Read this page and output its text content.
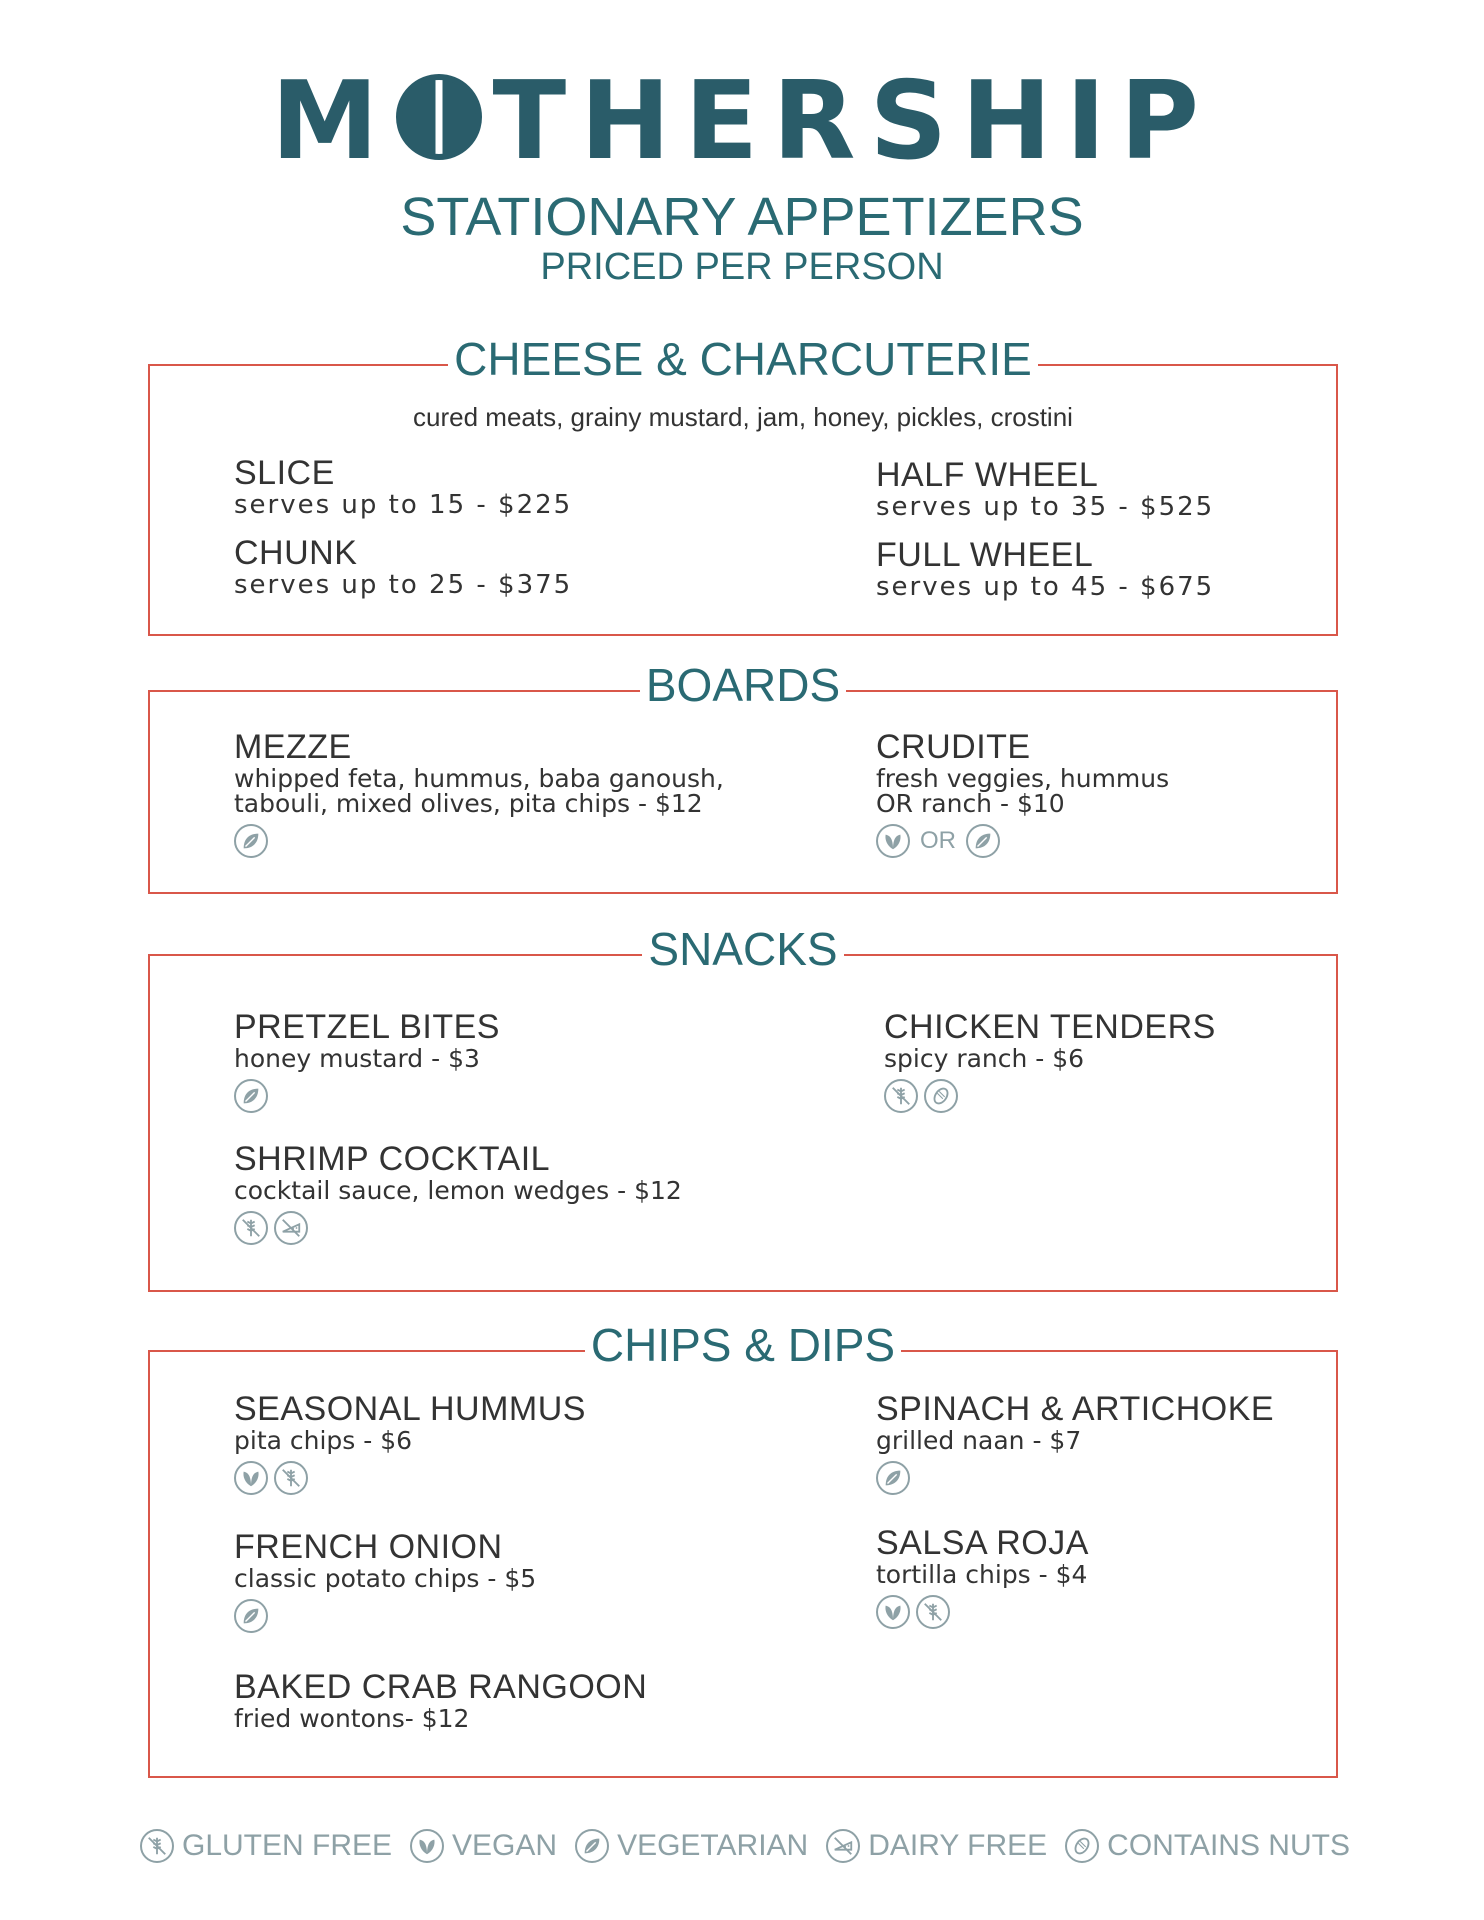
M THERSHIP
STATIONARY APPETIZERS
PRICED PER PERSON
CHEESE & CHARCUTERIE
cured meats, grainy mustard, jam, honey, pickles, crostini
SLICE
serves up to 15 - $225
CHUNK
serves up to 25 - $375
HALF WHEEL
serves up to 35 - $525
FULL WHEEL
serves up to 45 - $675
BOARDS
MEZZE
whipped feta, hummus, baba ganoush,
tabouli, mixed olives, pita chips - $12
CRUDITE
fresh veggies, hummus
OR ranch - $10
OR
SNACKS
PRETZEL BITES
honey mustard - $3
CHICKEN TENDERS
spicy ranch - $6
SHRIMP COCKTAIL
cocktail sauce, lemon wedges - $12
CHIPS & DIPS
SEASONAL HUMMUS
pita chips - $6
SPINACH & ARTICHOKE
grilled naan - $7
FRENCH ONION
classic potato chips - $5
SALSA ROJA
tortilla chips - $4
BAKED CRAB RANGOON
fried wontons- $12
GLUTEN FREE VEGAN VEGETARIAN DAIRY FREE CONTAINS NUTS
